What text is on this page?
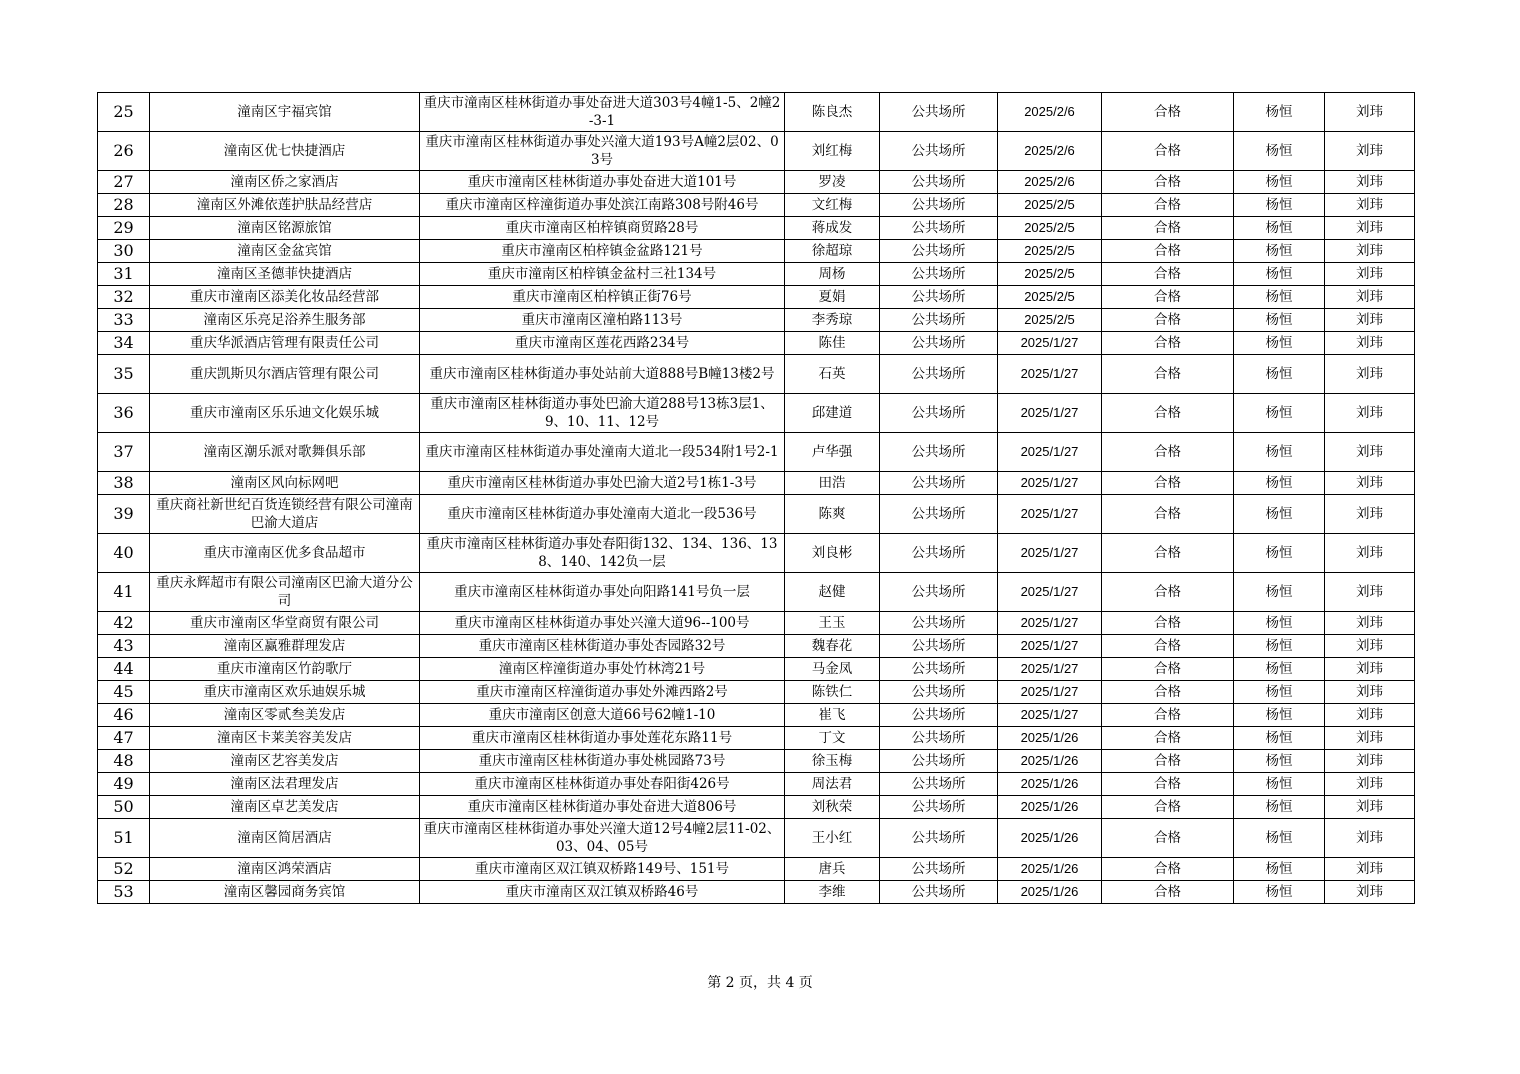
25	潼南区宇福宾馆	重庆市潼南区桂林街道办事处奋进大道303号4幢1-5、2幢2-3-1	陈良杰	公共场所	2025/2/6	合格	杨恒	刘玮
26	潼南区优七快捷酒店	重庆市潼南区桂林街道办事处兴潼大道193号A幢2层02、03号	刘红梅	公共场所	2025/2/6	合格	杨恒	刘玮
27	潼南区侨之家酒店	重庆市潼南区桂林街道办事处奋进大道101号	罗凌	公共场所	2025/2/6	合格	杨恒	刘玮
28	潼南区外滩依莲护肤品经营店	重庆市潼南区梓潼街道办事处滨江南路308号附46号	文红梅	公共场所	2025/2/5	合格	杨恒	刘玮
29	潼南区铭源旅馆	重庆市潼南区柏梓镇商贸路28号	蒋成发	公共场所	2025/2/5	合格	杨恒	刘玮
30	潼南区金盆宾馆	重庆市潼南区柏梓镇金盆路121号	徐超琼	公共场所	2025/2/5	合格	杨恒	刘玮
31	潼南区圣德菲快捷酒店	重庆市潼南区柏梓镇金盆村三社134号	周杨	公共场所	2025/2/5	合格	杨恒	刘玮
32	重庆市潼南区添美化妆品经营部	重庆市潼南区柏梓镇正街76号	夏娟	公共场所	2025/2/5	合格	杨恒	刘玮
33	潼南区乐亮足浴养生服务部	重庆市潼南区潼柏路113号	李秀琼	公共场所	2025/2/5	合格	杨恒	刘玮
34	重庆华派酒店管理有限责任公司	重庆市潼南区莲花西路234号	陈佳	公共场所	2025/1/27	合格	杨恒	刘玮
35	重庆凯斯贝尔酒店管理有限公司	重庆市潼南区桂林街道办事处站前大道888号B幢13楼2号	石英	公共场所	2025/1/27	合格	杨恒	刘玮
36	重庆市潼南区乐乐迪文化娱乐城	重庆市潼南区桂林街道办事处巴渝大道288号13栋3层1、9、10、11、12号	邱建道	公共场所	2025/1/27	合格	杨恒	刘玮
37	潼南区潮乐派对歌舞俱乐部	重庆市潼南区桂林街道办事处潼南大道北一段534附1号2-1	卢华强	公共场所	2025/1/27	合格	杨恒	刘玮
38	潼南区风向标网吧	重庆市潼南区桂林街道办事处巴渝大道2号1栋1-3号	田浩	公共场所	2025/1/27	合格	杨恒	刘玮
39	重庆商社新世纪百货连锁经营有限公司潼南巴渝大道店	重庆市潼南区桂林街道办事处潼南大道北一段536号	陈爽	公共场所	2025/1/27	合格	杨恒	刘玮
40	重庆市潼南区优多食品超市	重庆市潼南区桂林街道办事处春阳街132、134、136、138、140、142负一层	刘良彬	公共场所	2025/1/27	合格	杨恒	刘玮
41	重庆永辉超市有限公司潼南区巴渝大道分公司	重庆市潼南区桂林街道办事处向阳路141号负一层	赵健	公共场所	2025/1/27	合格	杨恒	刘玮
42	重庆市潼南区华堂商贸有限公司	重庆市潼南区桂林街道办事处兴潼大道96--100号	王玉	公共场所	2025/1/27	合格	杨恒	刘玮
43	潼南区赢雅群理发店	重庆市潼南区桂林街道办事处杏园路32号	魏春花	公共场所	2025/1/27	合格	杨恒	刘玮
44	重庆市潼南区竹韵歌厅	潼南区梓潼街道办事处竹林湾21号	马金凤	公共场所	2025/1/27	合格	杨恒	刘玮
45	重庆市潼南区欢乐迪娱乐城	重庆市潼南区梓潼街道办事处外滩西路2号	陈铁仁	公共场所	2025/1/27	合格	杨恒	刘玮
46	潼南区零贰叁美发店	重庆市潼南区创意大道66号62幢1-10	崔飞	公共场所	2025/1/27	合格	杨恒	刘玮
47	潼南区卡莱美容美发店	重庆市潼南区桂林街道办事处莲花东路11号	丁文	公共场所	2025/1/26	合格	杨恒	刘玮
48	潼南区艺容美发店	重庆市潼南区桂林街道办事处桃园路73号	徐玉梅	公共场所	2025/1/26	合格	杨恒	刘玮
49	潼南区法君理发店	重庆市潼南区桂林街道办事处春阳街426号	周法君	公共场所	2025/1/26	合格	杨恒	刘玮
50	潼南区卓艺美发店	重庆市潼南区桂林街道办事处奋进大道806号	刘秋荣	公共场所	2025/1/26	合格	杨恒	刘玮
51	潼南区简居酒店	重庆市潼南区桂林街道办事处兴潼大道12号4幢2层11-02、03、04、05号	王小红	公共场所	2025/1/26	合格	杨恒	刘玮
52	潼南区鸿荣酒店	重庆市潼南区双江镇双桥路149号、151号	唐兵	公共场所	2025/1/26	合格	杨恒	刘玮
53	潼南区馨园商务宾馆	重庆市潼南区双江镇双桥路46号	李维	公共场所	2025/1/26	合格	杨恒	刘玮
第 2 页，共 4 页
